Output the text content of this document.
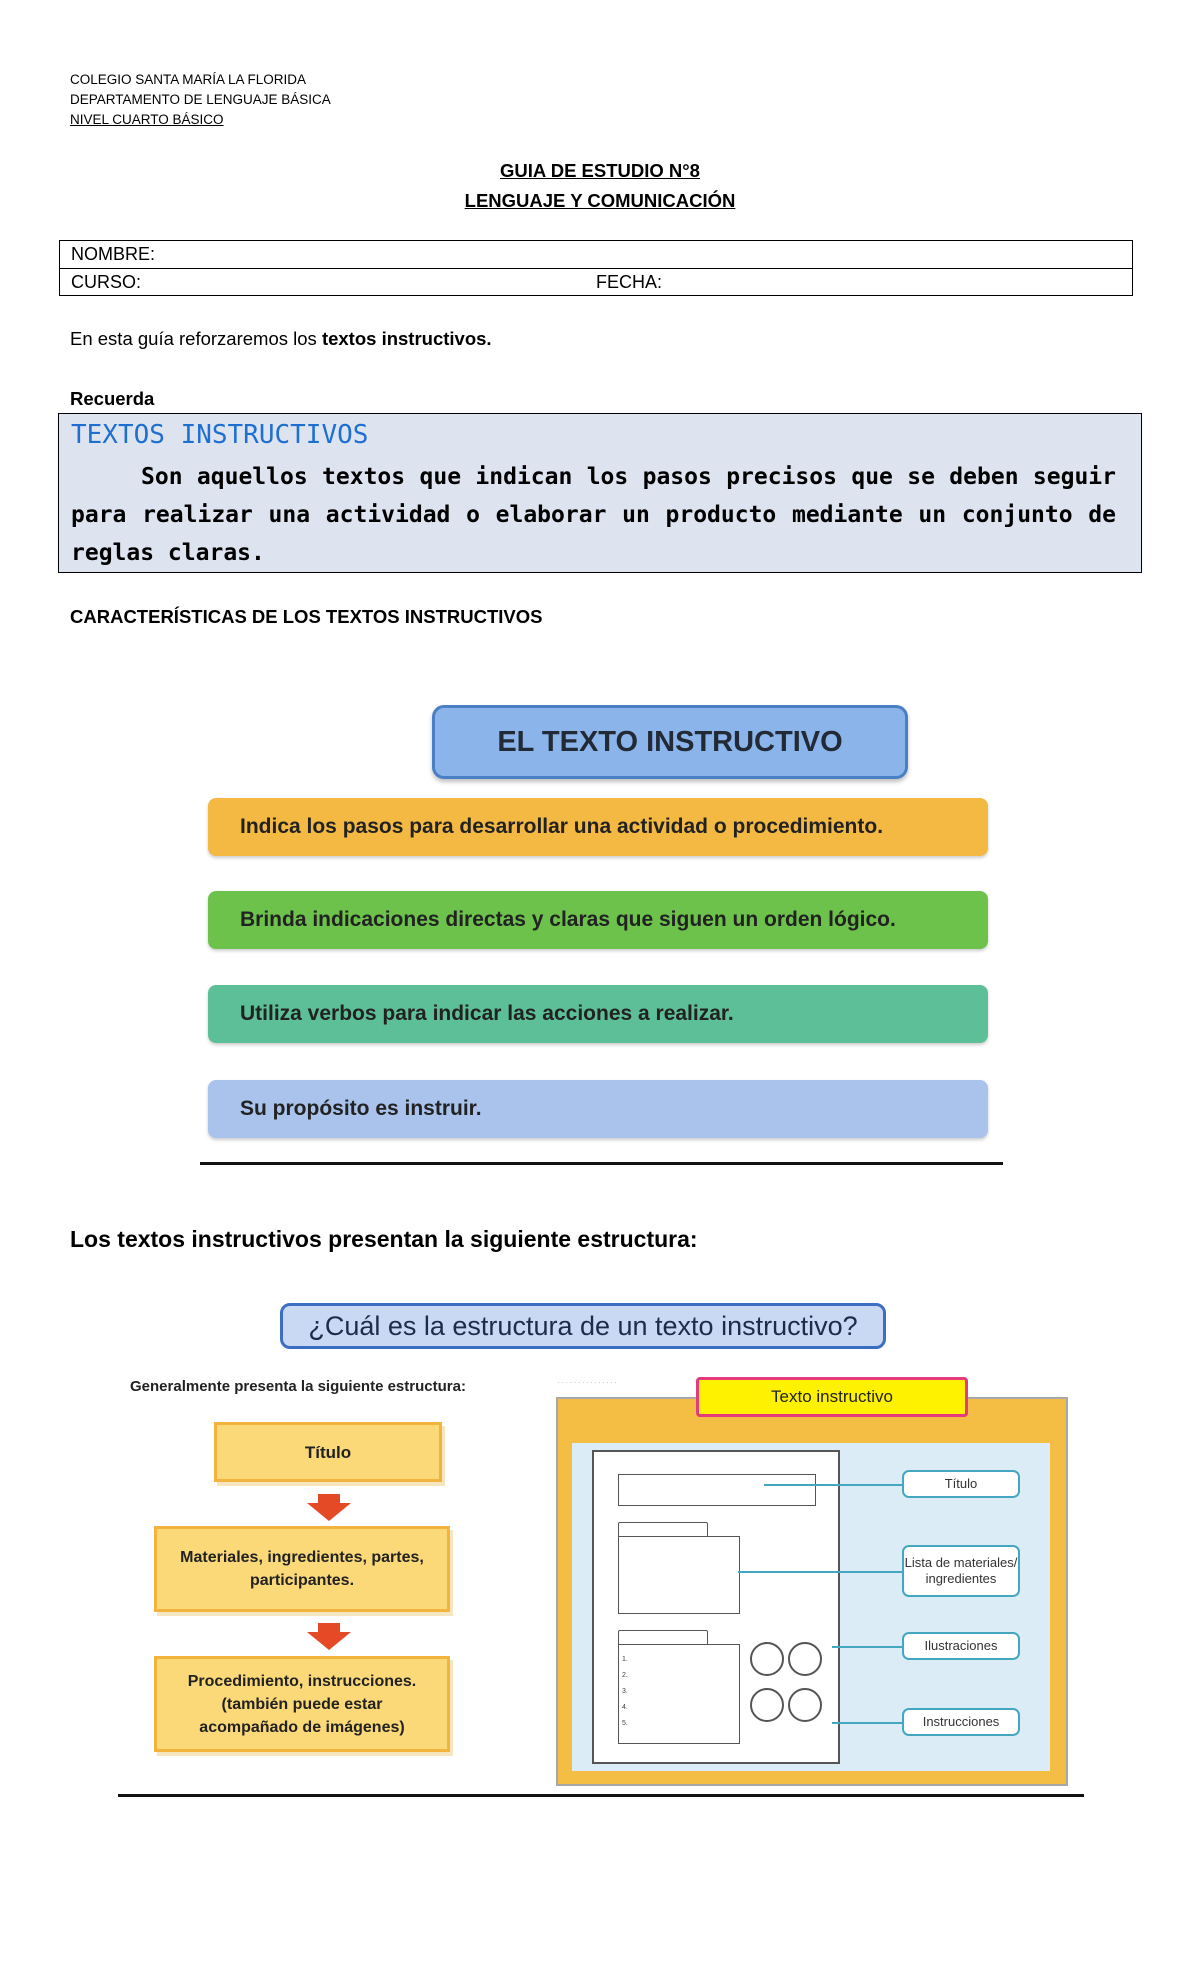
COLEGIO SANTA MARÍA LA FLORIDA
DEPARTAMENTO DE LENGUAJE BÁSICA
NIVEL CUARTO BÁSICO
GUIA DE ESTUDIO N°8
LENGUAJE Y COMUNICACIÓN
NOMBRE:
CURSO:	FECHA:
En esta guía reforzaremos los textos instructivos.
Recuerda
TEXTOS INSTRUCTIVOS
Son aquellos textos que indican los pasos precisos que se deben seguir para realizar una actividad o elaborar un producto mediante un conjunto de reglas claras.
CARACTERÍSTICAS DE LOS TEXTOS INSTRUCTIVOS
EL TEXTO INSTRUCTIVO
Indica los pasos para desarrollar una actividad o procedimiento.
Brinda indicaciones directas y claras que siguen un orden lógico.
Utiliza verbos para indicar las acciones a realizar.
Su propósito es instruir.
Los textos instructivos presentan la siguiente estructura:
¿Cuál es la estructura de un texto instructivo?
Generalmente presenta la siguiente estructura:
Título
Materiales, ingredientes, partes, participantes.
Procedimiento, instrucciones. (también puede estar acompañado de imágenes)
· · · · · · · · · · · · · · ·
Texto instructivo
1.
2.
3.
4.
5.
Título
Lista de materiales/ ingredientes
Ilustraciones
Instrucciones
